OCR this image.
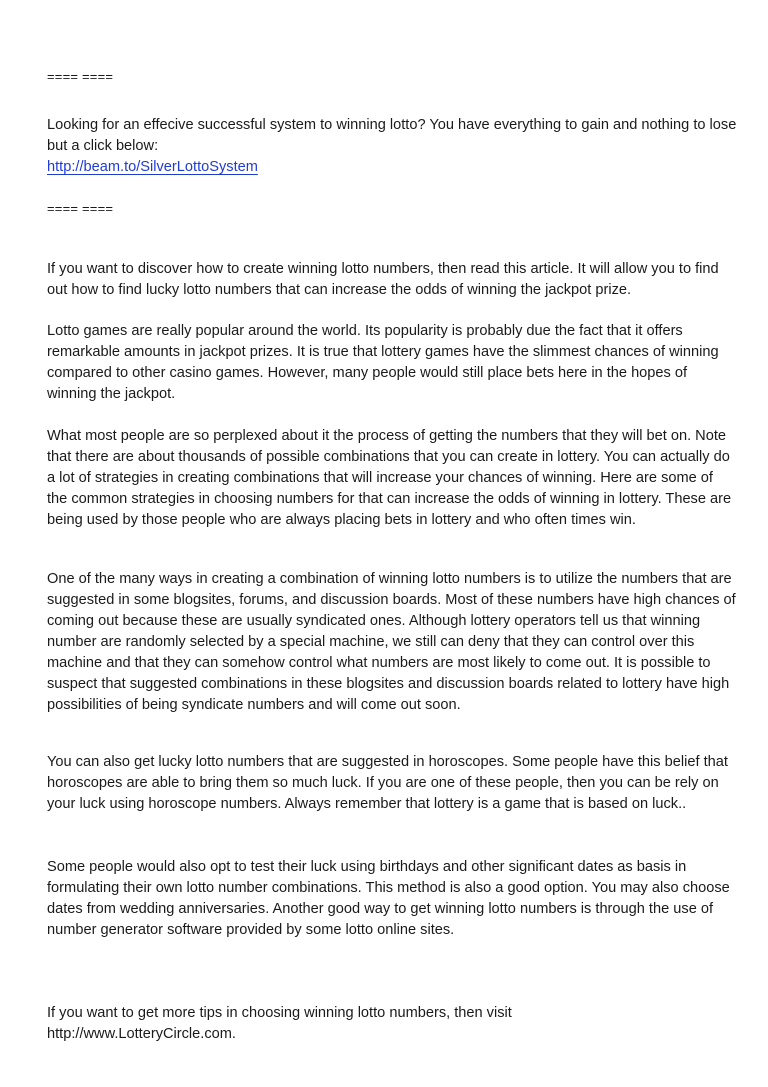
==== ====

Looking for an effecive successful system to winning lotto? You have everything to gain and nothing to lose but a click below:
http://beam.to/SilverLottoSystem

==== ====

If you want to discover how to create winning lotto numbers, then read this article. It will allow you to find out how to find lucky lotto numbers that can increase the odds of winning the jackpot prize.

Lotto games are really popular around the world. Its popularity is probably due the fact that it offers remarkable amounts in jackpot prizes. It is true that lottery games have the slimmest chances of winning compared to other casino games. However, many people would still place bets here in the hopes of winning the jackpot.

What most people are so perplexed about it the process of getting the numbers that they will bet on. Note that there are about thousands of possible combinations that you can create in lottery. You can actually do a lot of strategies in creating combinations that will increase your chances of winning. Here are some of the common strategies in choosing numbers for that can increase the odds of winning in lottery. These are being used by those people who are always placing bets in lottery and who often times win.

One of the many ways in creating a combination of winning lotto numbers is to utilize the numbers that are suggested in some blogsites, forums, and discussion boards. Most of these numbers have high chances of coming out because these are usually syndicated ones. Although lottery operators tell us that winning number are randomly selected by a special machine, we still can deny that they can control over this machine and that they can somehow control what numbers are most likely to come out. It is possible to suspect that suggested combinations in these blogsites and discussion boards related to lottery have high possibilities of being syndicate numbers and will come out soon.

You can also get lucky lotto numbers that are suggested in horoscopes. Some people have this belief that horoscopes are able to bring them so much luck. If you are one of these people, then you can be rely on your luck using horoscope numbers. Always remember that lottery is a game that is based on luck..

Some people would also opt to test their luck using birthdays and other significant dates as basis in formulating their own lotto number combinations. This method is also a good option. You may also choose dates from wedding anniversaries. Another good way to get winning lotto numbers is through the use of number generator software provided by some lotto online sites.

If you want to get more tips in choosing winning lotto numbers, then visit
http://www.LotteryCircle.com.
